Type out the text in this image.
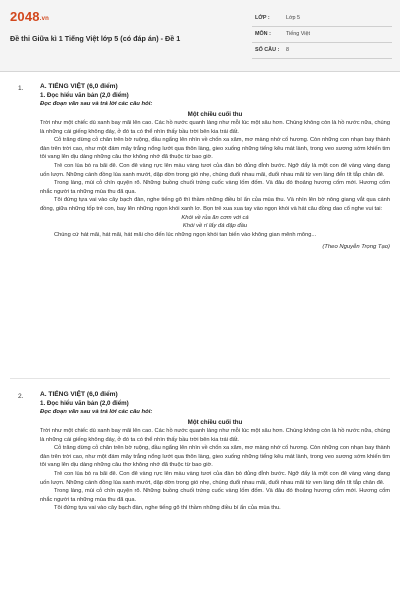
2048.vn
Đề thi Giữa kì 1 Tiếng Việt lớp 5 (có đáp án) - Đề 1
LỚP :	Lớp 5
MÔN :	Tiếng Việt
SỐ CÂU : 8
1.	A. TIẾNG VIỆT (6,0 điểm)
1. Đọc hiểu văn bản (2,0 điểm)
Đọc đoạn văn sau và trả lời các câu hỏi:
Một chiều cuối thu

Trời như một chiếc dù xanh bay mãi lên cao. Các hồ nước quanh làng như mỗi lúc một sâu hơn. Chúng không còn là hồ nước nữa, chúng là những cái giếng không đáy, ở đó ta có thể nhìn thấy bầu trời bên kia trái đất.

Cỏ trăng dừng cỏ chân trên bờ ruộng, đầu ngẩng lên nhìn về chốn xa xăm, mơ màng nhớ cố hương. Còn những con nhạn bay thành đàn trên trời cao, như một đám mây trắng nổng lướt qua thôn làng, gieo xuống những tiếng kêu mát lành, trong veo sương sớm khiến tim tôi vang lên dịu dàng những câu thơ không nhớ đã thuộc từ bao giờ.

Trẻ con lùa bò ra bãi đê. Con đê vàng rực lên màu vàng tươi của đàn bò đủng đỉnh bước. Ngỡ đấy là một con đê vàng vàng đang uốn lượn. Những cánh đồng lúa xanh mướt, dập dờn trong gió nhẹ, chúng đuổi nhau mãi, đuổi nhau mãi từ ven làng đến tít tắp chân đê.

Trong làng, mùi cỏ chín quyện rõ. Những buồng chuối trứng cuốc vàng lốm đốm. Và đâu đó thoảng hương cốm mới. Hương cốm nhắc người ta những mùa thu đã qua.

Tôi đứng tựa vai vào cây bạch đàn, nghe tiếng gõ thì thầm những điều bí ẩn của mùa thu. Và nhìn lên bờ nông giang vắt qua cánh đồng, giữa những tốp trẻ con, bay lên những ngọn khói xanh lơ. Bọn trẻ xua xua tay vào ngọn khói và hát câu đồng dao cổ nghe vui tai:

Khói về rủa ăn cơm với cá
Khói về rí lấy đá đập đầu

Chúng cứ hát mãi, hát mãi, hát mãi cho đến lúc những ngọn khói tan biến vào không gian mênh mông...

(Theo Nguyễn Trọng Tạo)
2.	A. TIẾNG VIỆT (6,0 điểm)
1. Đọc hiểu văn bản (2,0 điểm)
Đọc đoạn văn sau và trả lời các câu hỏi:
Một chiều cuối thu

Trời như một chiếc dù xanh bay mãi lên cao. Các hồ nước quanh làng như mỗi lúc một sâu hơn. Chúng không còn là hồ nước nữa, chúng là những cái giếng không đáy, ở đó ta có thể nhìn thấy bầu trời bên kia trái đất.

Cỏ trăng dừng cỏ chân trên bờ ruộng, đầu ngẩng lên nhìn về chốn xa xăm, mơ màng nhớ cố hương. Còn những con nhạn bay thành đàn trên trời cao, như một đám mây trắng nổng lướt qua thôn làng, gieo xuống những tiếng kêu mát lành, trong veo sương sớm khiến tim tôi vang lên dịu dàng những câu thơ không nhớ đã thuộc từ bao giờ.

Trẻ con lùa bò ra bãi đê. Con đê vàng rực lên màu vàng tươi của đàn bò đủng đỉnh bước. Ngỡ đấy là một con đê vàng vàng đang uốn lượn. Những cánh đồng lúa xanh mướt, dập dờn trong gió nhẹ, chúng đuổi nhau mãi, đuổi nhau mãi từ ven làng đến tít tắp chân đê.

Trong làng, mùi cỏ chín quyện rõ. Những buồng chuối trứng cuốc vàng lốm đốm. Và đâu đó thoảng hương cốm mới. Hương cốm nhắc người ta những mùa thu đã qua.

Tôi đứng tựa vai vào cây bạch đàn, nghe tiếng gõ thì thầm những điều bí ẩn của mùa thu.
